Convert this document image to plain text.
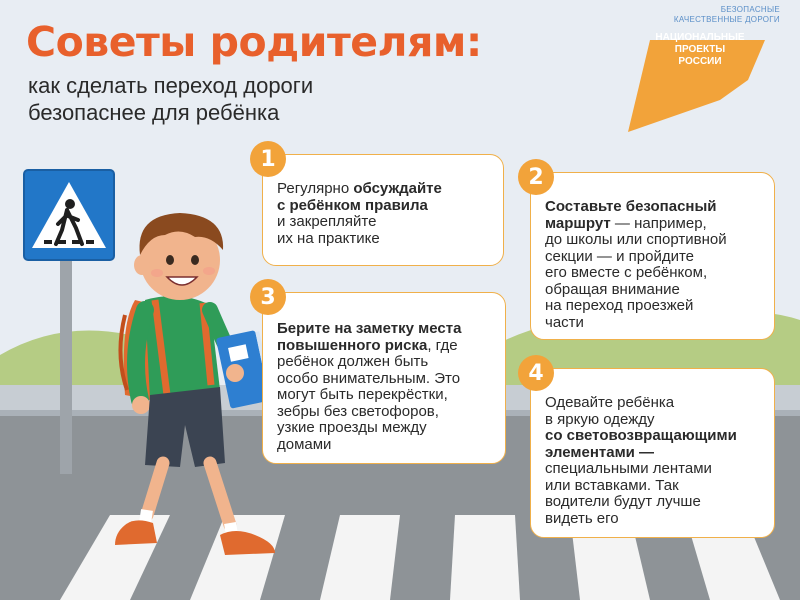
Советы родителям:
как сделать переход дороги
безопаснее для ребёнка
БЕЗОПАСНЫЕ
КАЧЕСТВЕННЫЕ ДОРОГИ
НАЦИОНАЛЬНЫЕ
ПРОЕКТЫ
РОССИИ
Регулярно обсуждайте
с ребёнком правила
и закрепляйте
их на практике
1
Составьте безопасный
маршрут — например,
до школы или спортивной
секции — и пройдите
его вместе с ребёнком,
обращая внимание
на переход проезжей
части
2
Берите на заметку места
повышенного риска, где
ребёнок должен быть
особо внимательным. Это
могут быть перекрёстки,
зебры без светофоров,
узкие проезды между
домами
3
Одевайте ребёнка
в яркую одежду
со световозвращающими
элементами —
специальными лентами
или вставками. Так
водители будут лучше
видеть его
4
